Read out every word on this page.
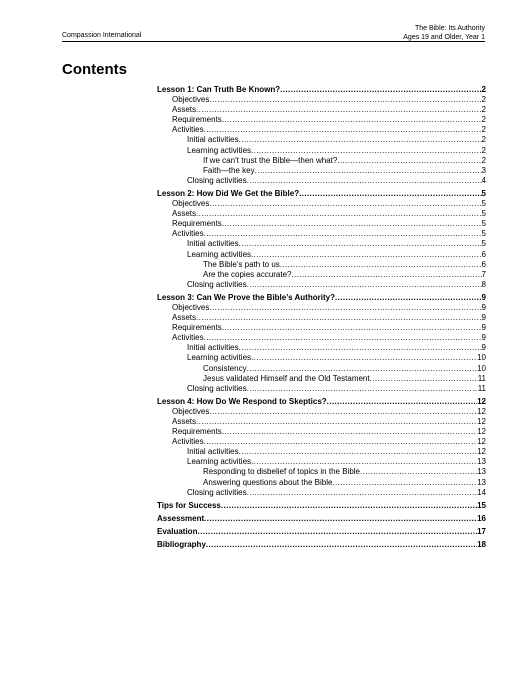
Compassion International
The Bible: Its Authority
Ages 19 and Older, Year 1
Contents
Lesson 1: Can Truth Be Known? .....	2
Objectives .....	2
Assets .....	2
Requirements .....	2
Activities .....	2
Initial activities .....	2
Learning activities .....	2
If we can’t trust the Bible—then what? .....	2
Faith—the key .....	3
Closing activities .....	4
Lesson 2: How Did We Get the Bible? .....	5
Objectives .....	5
Assets .....	5
Requirements .....	5
Activities .....	5
Initial activities .....	5
Learning activities .....	6
The Bible’s path to us .....	6
Are the copies accurate? .....	7
Closing activities .....	8
Lesson 3: Can We Prove the Bible’s Authority? .....	9
Objectives .....	9
Assets .....	9
Requirements .....	9
Activities .....	9
Initial activities .....	9
Learning activities .....	10
Consistency .....	10
Jesus validated Himself and the Old Testament .....	11
Closing activities .....	11
Lesson 4: How Do We Respond to Skeptics? .....	12
Objectives .....	12
Assets .....	12
Requirements .....	12
Activities .....	12
Initial activities .....	12
Learning activities .....	13
Responding to disbelief of topics in the Bible .....	13
Answering questions about the Bible .....	13
Closing activities .....	14
Tips for Success .....	15
Assessment .....	16
Evaluation .....	17
Bibliography .....	18
